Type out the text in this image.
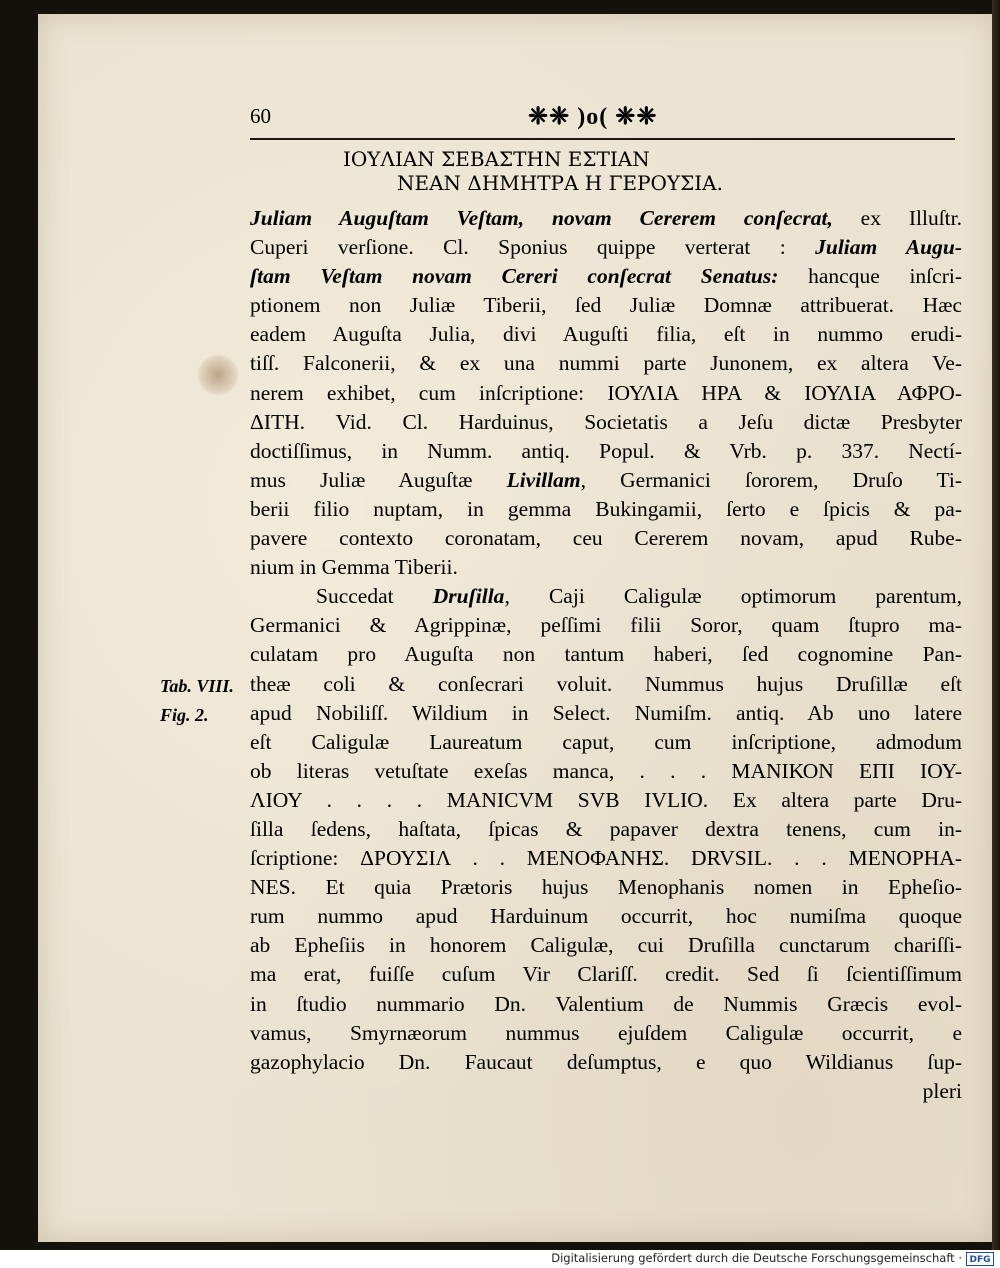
60	❈❈ )o( ❈❈
ΙΟΥΛΙΑΝ ΣΕΒΑΣΤΗΝ ΕΣΤΙΑΝ
ΝΕΑΝ ΔΗΜΗΤΡΑ Η ΓΕΡΟΥΣΙΑ.
Tab. VIII.
Fig. 2.
Juliam Auguſtam Veſtam, novam Cererem conſecrat, ex Illuſtr.
Cuperi verſione. Cl. Sponius quippe verterat : Juliam Augu-
ſtam Veſtam novam Cereri conſecrat Senatus: hancque inſcri-
ptionem non Juliæ Tiberii, ſed Juliæ Domnæ attribuerat. Hæc
eadem Auguſta Julia, divi Auguſti filia, eſt in nummo erudi-
tiſſ. Falconerii, & ex una nummi parte Junonem, ex altera Ve-
nerem exhibet, cum inſcriptione: ΙΟΥΛΙΑ ΗΡΑ & ΙΟΥΛΙΑ ΑΦΡΟ-
ΔΙΤΗ. Vid. Cl. Harduinus, Societatis a Jeſu dictæ Presbyter
doctiſſimus, in Numm. antiq. Popul. & Vrb. p. 337. Nectí-
mus Juliæ Auguſtæ Livillam, Germanici ſororem, Druſo Ti-
berii filio nuptam, in gemma Bukingamii, ſerto e ſpicis & pa-
pavere contexto coronatam, ceu Cererem novam, apud Rube-
nium in Gemma Tiberii.
Succedat Druſilla, Caji Caligulæ optimorum parentum,
Germanici & Agrippinæ, peſſimi filii Soror, quam ſtupro ma-
culatam pro Auguſta non tantum haberi, ſed cognomine Pan-
theæ coli & conſecrari voluit. Nummus hujus Druſillæ eſt
apud Nobiliſſ. Wildium in Select. Numiſm. antiq. Ab uno latere
eſt Caligulæ Laureatum caput, cum inſcriptione, admodum
ob literas vetuſtate exeſas manca, . . . ΜΑΝΙΚΟΝ ΕΠΙ ΙΟΥ-
ΛΙΟΥ . . . . MANICVM SVB IVLIO. Ex altera parte Dru-
ſilla ſedens, haſtata, ſpicas & papaver dextra tenens, cum in-
ſcriptione: ΔΡΟΥΣΙΛ . . ΜΕΝΟΦΑΝΗΣ. DRVSIL. . . MENOPHA-
NES. Et quia Prætoris hujus Menophanis nomen in Epheſio-
rum nummo apud Harduinum occurrit, hoc numiſma quoque
ab Epheſiis in honorem Caligulæ, cui Druſilla cunctarum chariſſi-
ma erat, fuiſſe cuſum Vir Clariſſ. credit. Sed ſi ſcientiſſimum
in ſtudio nummario Dn. Valentium de Nummis Græcis evol-
vamus, Smyrnæorum nummus ejuſdem Caligulæ occurrit, e
gazophylacio Dn. Faucaut deſumptus, e quo Wildianus ſup-
pleri
Digitalisierung gefördert durch die Deutsche Forschungsgemeinschaft · DFG
